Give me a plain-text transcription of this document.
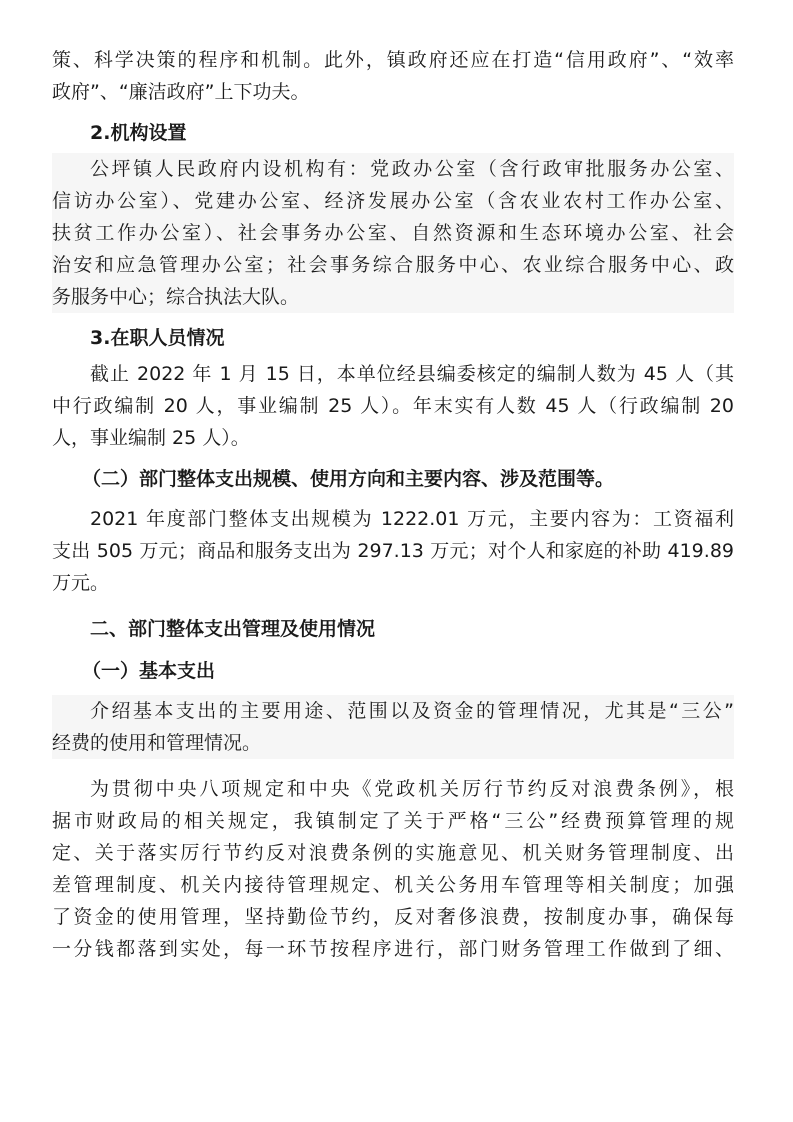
策、科学决策的程序和机制。此外，镇政府还应在打造“信用政府”、“效率
政府”、“廉洁政府”上下功夫。
2.机构设置
公坪镇人民政府内设机构有：党政办公室（含行政审批服务办公室、
信访办公室）、党建办公室、经济发展办公室（含农业农村工作办公室、
扶贫工作办公室）、社会事务办公室、自然资源和生态环境办公室、社会
治安和应急管理办公室；社会事务综合服务中心、农业综合服务中心、政
务服务中心；综合执法大队。
3.在职人员情况
截止 2022 年 1 月 15 日，本单位经县编委核定的编制人数为 45 人（其
中行政编制 20 人，事业编制 25 人）。年末实有人数 45 人（行政编制 20
人，事业编制 25 人）。
（二）部门整体支出规模、使用方向和主要内容、涉及范围等。
2021 年度部门整体支出规模为 1222.01 万元，主要内容为：工资福利
支出 505 万元；商品和服务支出为 297.13 万元；对个人和家庭的补助 419.89
万元。
二、部门整体支出管理及使用情况
（一）基本支出
介绍基本支出的主要用途、范围以及资金的管理情况，尤其是“三公”
经费的使用和管理情况。
为贯彻中央八项规定和中央《党政机关厉行节约反对浪费条例》，根
据市财政局的相关规定，我镇制定了关于严格“三公”经费预算管理的规
定、关于落实厉行节约反对浪费条例的实施意见、机关财务管理制度、出
差管理制度、机关内接待管理规定、机关公务用车管理等相关制度；加强
了资金的使用管理，坚持勤俭节约，反对奢侈浪费，按制度办事，确保每
一分钱都落到实处，每一环节按程序进行，部门财务管理工作做到了细、
